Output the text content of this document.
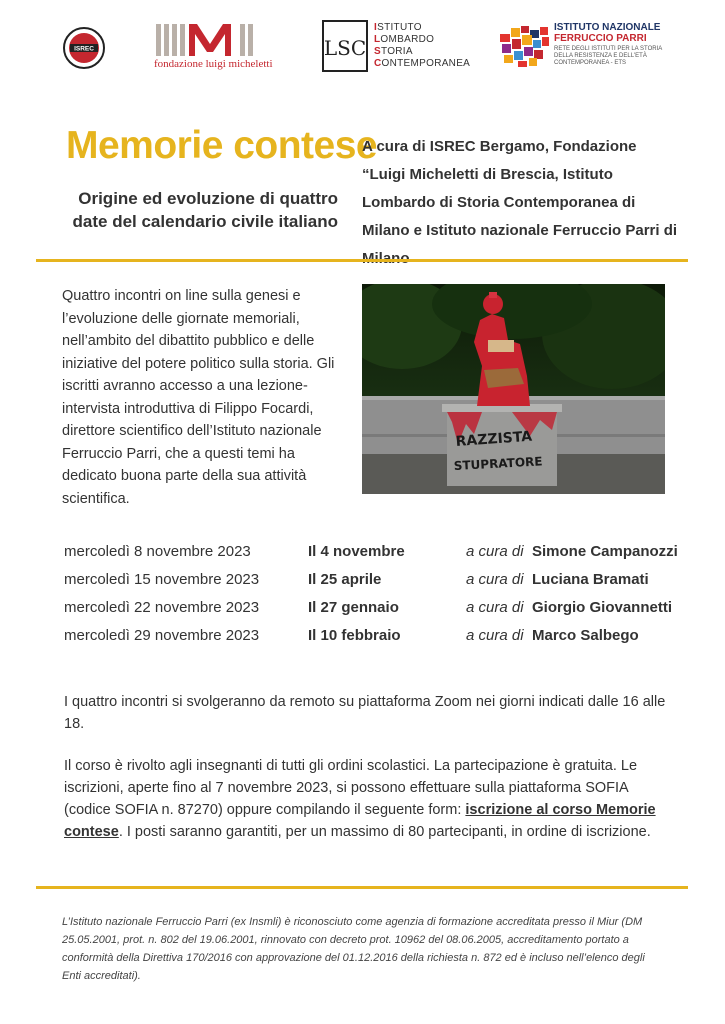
ISREC
fondazione luigi micheletti
LSC
ISTITUTO
LOMBARDO
STORIA
CONTEMPORANEA
ISTITUTO NAZIONALE
FERRUCCIO PARRI
RETE DEGLI ISTITUTI PER LA STORIA
DELLA RESISTENZA E DELL'ETÀ
CONTEMPORANEA - ETS
Memorie contese
Origine ed evoluzione di quattro
date del calendario civile italiano
A cura di ISREC Bergamo, Fondazione “Luigi Micheletti di Brescia, Istituto Lombardo di Storia Contemporanea di Milano e Istituto nazionale Ferruccio Parri di
Quattro incontri on line sulla genesi e l’evoluzione delle giornate memoriali, nell’ambito del dibattito pubblico e delle iniziative del potere politico sulla storia. Gli iscritti avranno accesso a una lezione-intervista introduttiva di Filippo Focardi, direttore scientifico dell’Istituto nazionale Ferruccio Parri, che a questi temi ha dedicato buona parte della sua attività scientifica.
RAZZISTA
STUPRATORE
mercoledì 8 novembre 2023	Il 4 novembre	a cura di Simone Campanozzi
mercoledì 15 novembre 2023	Il 25 aprile	a cura di Luciana Bramati
mercoledì 22 novembre 2023	Il 27 gennaio	a cura di Giorgio Giovannetti
mercoledì 29 novembre 2023	Il 10 febbraio	a cura di Marco Salbego
I quattro incontri si svolgeranno da remoto su piattaforma Zoom nei giorni indicati dalle 16 alle 18.
Il corso è rivolto agli insegnanti di tutti gli ordini scolastici. La partecipazione è gratuita. Le iscrizioni, aperte fino al 7 novembre 2023, si possono effettuare sulla piattaforma SOFIA (codice SOFIA n. 87270) oppure compilando il seguente form: iscrizione al corso Memorie contese. I posti saranno garantiti, per un massimo di 80 partecipanti, in ordine di iscrizione.
L’Istituto nazionale Ferruccio Parri (ex Insmli) è riconosciuto come agenzia di formazione accreditata presso il Miur (DM 25.05.2001, prot. n. 802 del 19.06.2001, rinnovato con decreto prot. 10962 del 08.06.2005, accreditamento portato a conformità della Direttiva 170/2016 con approvazione del 01.12.2016 della richiesta n. 872 ed è incluso nell’elenco degli Enti accreditati).
